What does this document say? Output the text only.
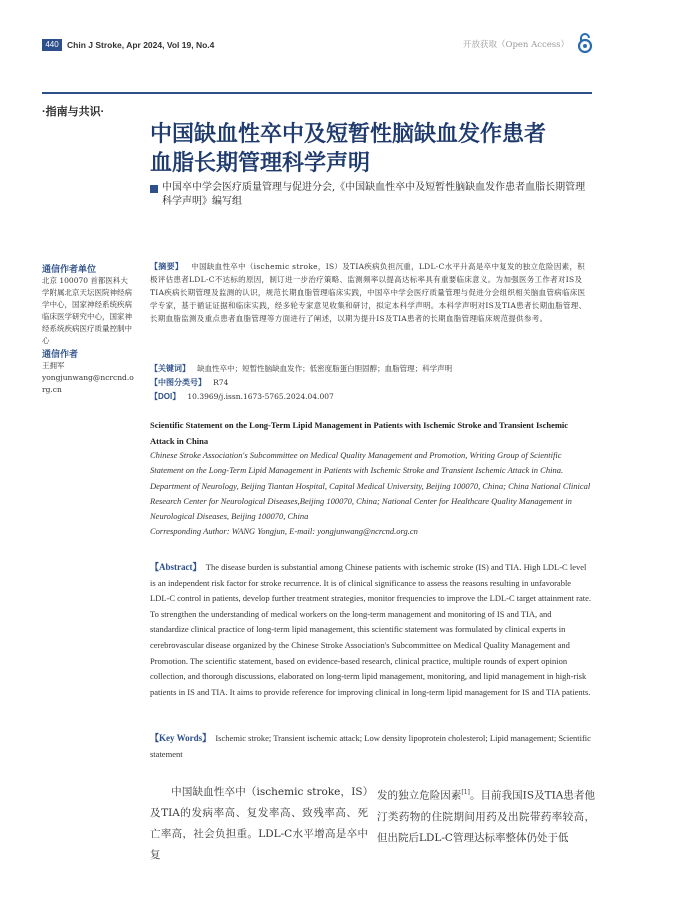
440 Chin J Stroke, Apr 2024, Vol 19, No.4	开放获取（Open Access）
·指南与共识·
中国缺血性卒中及短暂性脑缺血发作患者
血脂长期管理科学声明
中国卒中学会医疗质量管理与促进分会,《中国缺血性卒中及短暂性脑缺血发作患者血脂长期管理科学声明》编写组
通信作者单位
北京 100070 首都医科大学附属北京天坛医院神经病学中心，国家神经系统疾病临床医学研究中心，国家神经系统疾病医疗质量控制中心
通信作者
王拥军
yongjunwang@ncrcnd.org.cn
【摘要】 中国缺血性卒中（ischemic stroke，IS）及TIA疾病负担沉重，LDL-C水平升高是卒中复发的独立危险因素，积极评估患者LDL-C不达标的原因，制订进一步治疗策略、监测频率以提高达标率具有重要临床意义。为加强医务工作者对IS及TIA疾病长期管理及监测的认识，规范长期血脂管理临床实践，中国卒中学会医疗质量管理与促进分会组织相关脑血管病临床医学专家，基于循证证据和临床实践，经多轮专家意见收集和研讨，拟定本科学声明。本科学声明对IS及TIA患者长期血脂管理、长期血脂监测及重点患者血脂管理等方面进行了阐述，以期为提升IS及TIA患者的长期血脂管理临床规范提供参考。
【关键词】 缺血性卒中；短暂性脑缺血发作；低密度脂蛋白胆固醇；血脂管理；科学声明
【中图分类号】 R74
【DOI】 10.3969/j.issn.1673-5765.2024.04.007
Scientific Statement on the Long-Term Lipid Management in Patients with Ischemic Stroke and Transient Ischemic Attack in China
Chinese Stroke Association's Subcommittee on Medical Quality Management and Promotion, Writing Group of Scientific Statement on the Long-Term Lipid Management in Patients with Ischemic Stroke and Transient Ischemic Attack in China. Department of Neurology, Beijing Tiantan Hospital, Capital Medical University, Beijing 100070, China; China National Clinical Research Center for Neurological Diseases,Beijing 100070, China; National Center for Healthcare Quality Management in Neurological Diseases, Beijing 100070, China
Corresponding Author: WANG Yongjun, E-mail: yongjunwang@ncrcnd.org.cn
【Abstract】 The disease burden is substantial among Chinese patients with ischemic stroke (IS) and TIA. High LDL-C level is an independent risk factor for stroke recurrence. It is of clinical significance to assess the reasons resulting in unfavorable LDL-C control in patients, develop further treatment strategies, monitor frequencies to improve the LDL-C target attainment rate. To strengthen the understanding of medical workers on the long-term management and monitoring of IS and TIA, and standardize clinical practice of long-term lipid management, this scientific statement was formulated by clinical experts in cerebrovascular disease organized by the Chinese Stroke Association's Subcommittee on Medical Quality Management and Promotion. The scientific statement, based on evidence-based research, clinical practice, multiple rounds of expert opinion collection, and thorough discussions, elaborated on long-term lipid management, monitoring, and lipid management in high-risk patients in IS and TIA. It aims to provide reference for improving clinical in long-term lipid management for IS and TIA patients.
【Key Words】 Ischemic stroke; Transient ischemic attack; Low density lipoprotein cholesterol; Lipid management; Scientific statement
中国缺血性卒中（ischemic stroke，IS）及TIA的发病率高、复发率高、致残率高、死亡率高，社会负担重。LDL-C水平增高是卒中复
发的独立危险因素[1]。目前我国IS及TIA患者他汀类药物的住院期间用药及出院带药率较高，但出院后LDL-C管理达标率整体仍处于低
